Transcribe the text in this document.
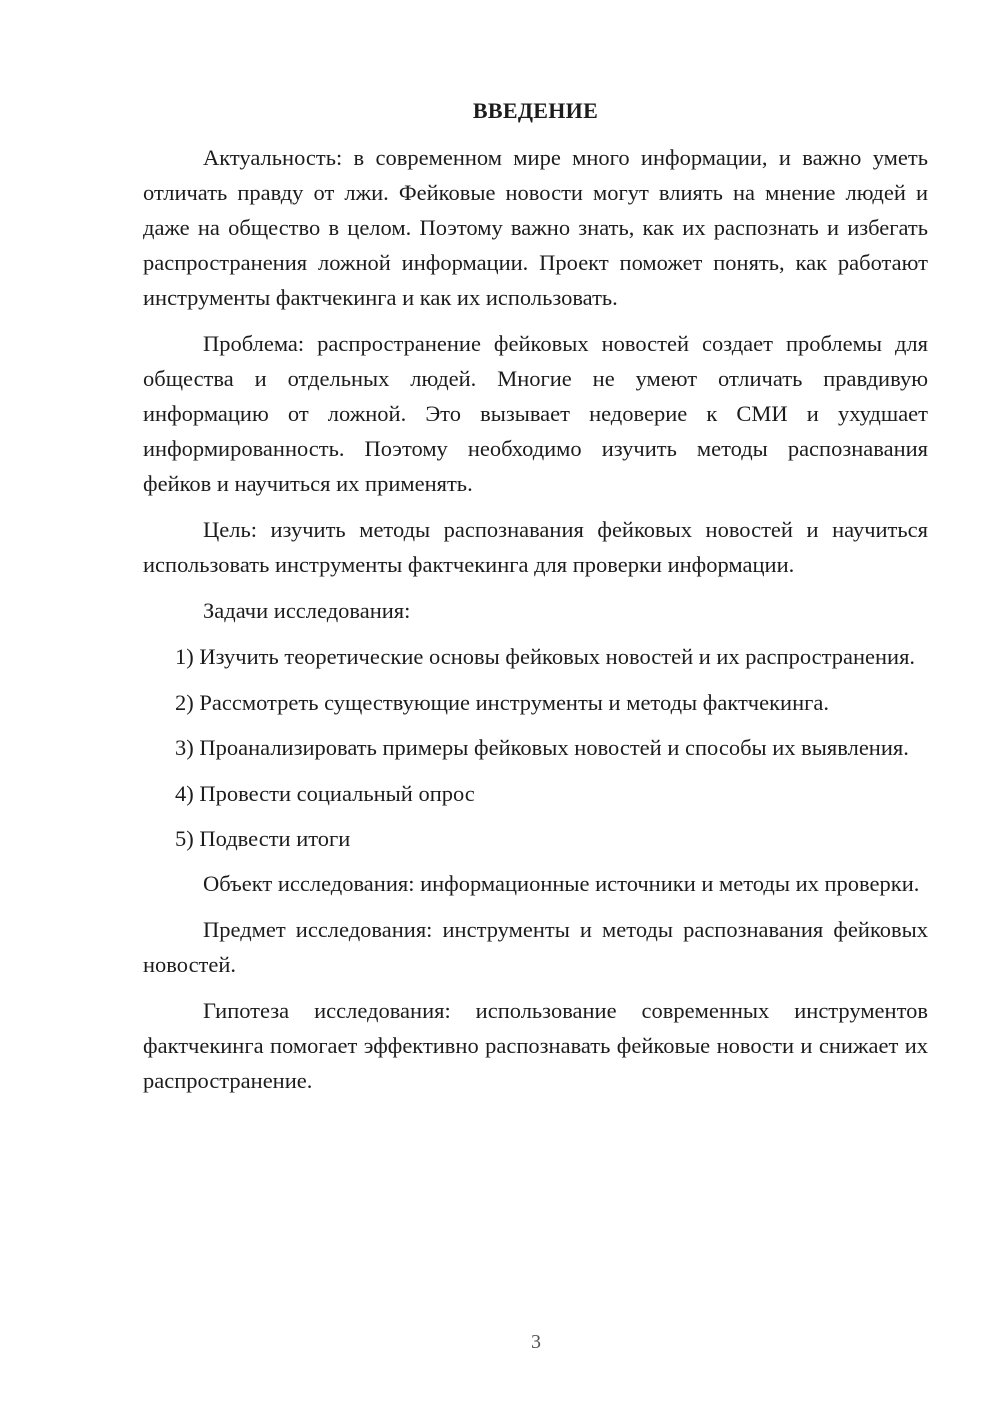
ВВЕДЕНИЕ

Актуальность: в современном мире много информации, и важно уметь отличать правду от лжи. Фейковые новости могут влиять на мнение людей и даже на общество в целом. Поэтому важно знать, как их распознать и избегать распространения ложной информации. Проект поможет понять, как работают инструменты фактчекинга и как их использовать.

Проблема: распространение фейковых новостей создает проблемы для общества и отдельных людей. Многие не умеют отличать правдивую информацию от ложной. Это вызывает недоверие к СМИ и ухудшает информированность. Поэтому необходимо изучить методы распознавания фейков и научиться их применять.

Цель: изучить методы распознавания фейковых новостей и научиться использовать инструменты фактчекинга для проверки информации.

Задачи исследования:

1) Изучить теоретические основы фейковых новостей и их распространения.

2) Рассмотреть существующие инструменты и методы фактчекинга.

3) Проанализировать примеры фейковых новостей и способы их выявления.

4) Провести социальный опрос

5) Подвести итоги

Объект исследования: информационные источники и методы их проверки.

Предмет исследования: инструменты и методы распознавания фейковых новостей.

Гипотеза исследования: использование современных инструментов фактчекинга помогает эффективно распознавать фейковые новости и снижает их распространение.

3
